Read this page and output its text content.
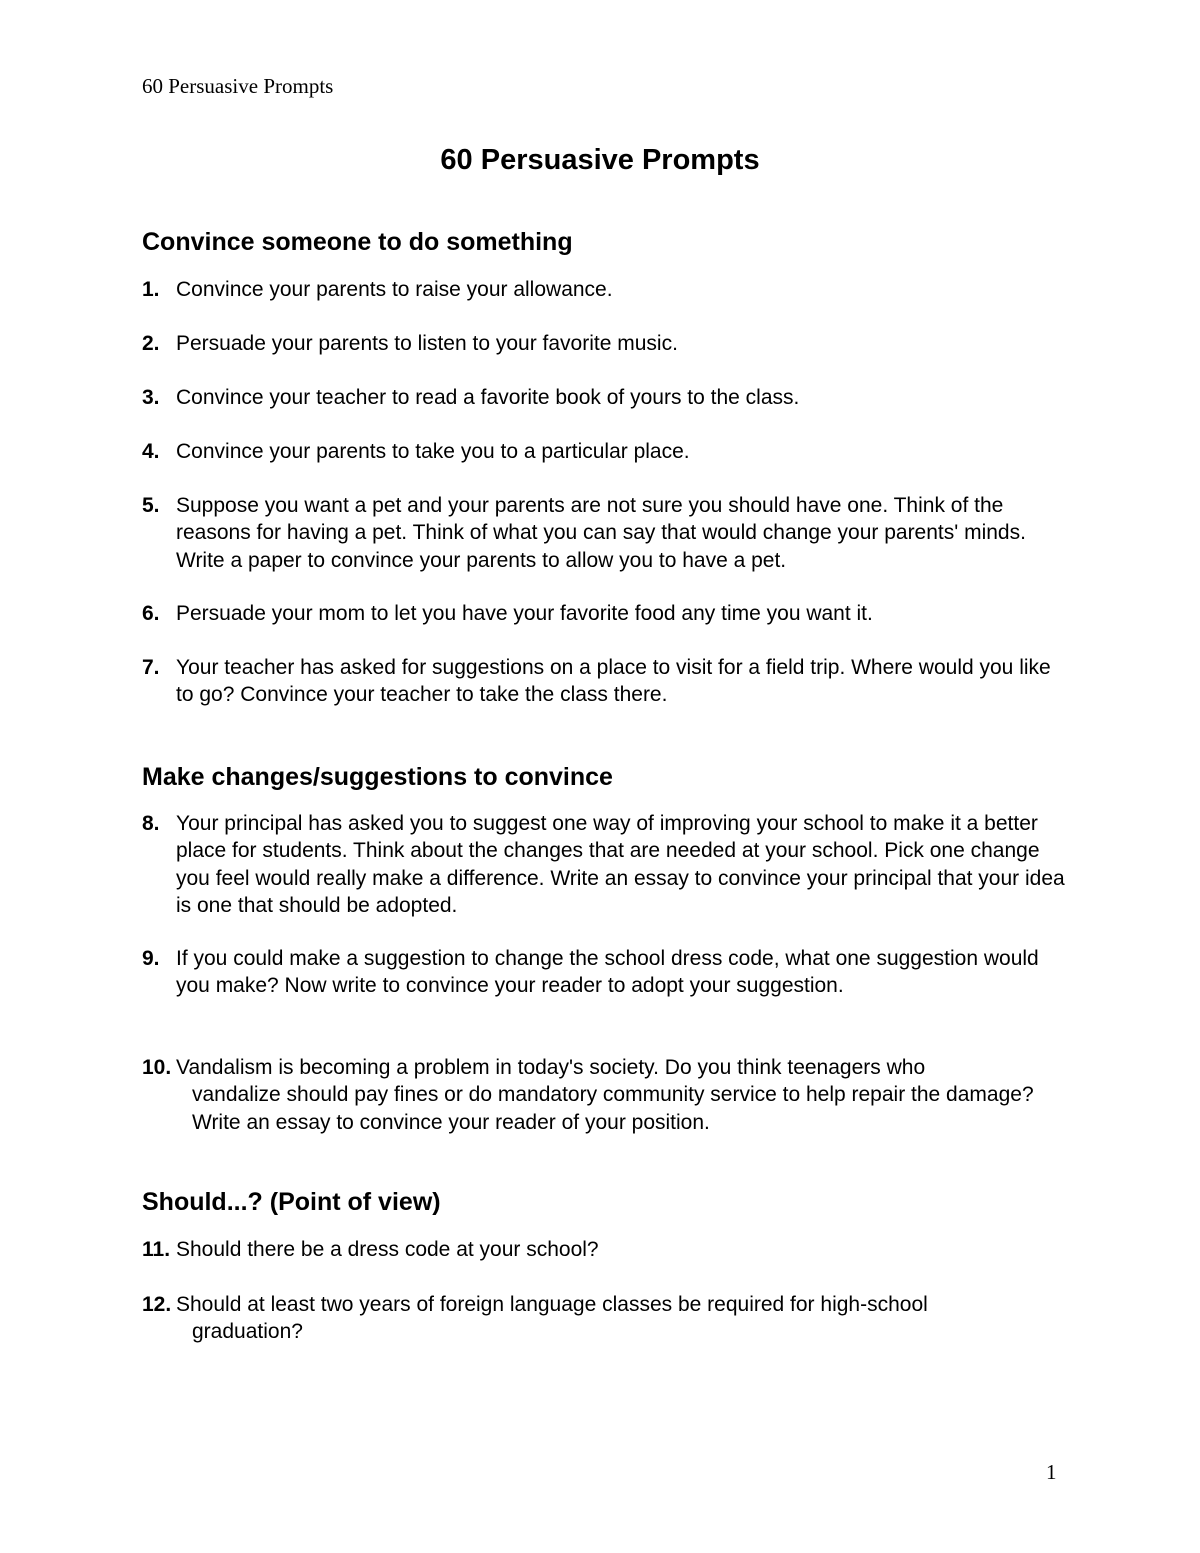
60 Persuasive Prompts
60 Persuasive Prompts
Convince someone to do something
1. Convince your parents to raise your allowance.
2. Persuade your parents to listen to your favorite music.
3. Convince your teacher to read a favorite book of yours to the class.
4. Convince your parents to take you to a particular place.
5. Suppose you want a pet and your parents are not sure you should have one. Think of the reasons for having a pet. Think of what you can say that would change your parents' minds. Write a paper to convince your parents to allow you to have a pet.
6. Persuade your mom to let you have your favorite food any time you want it.
7. Your teacher has asked for suggestions on a place to visit for a field trip. Where would you like to go? Convince your teacher to take the class there.
Make changes/suggestions to convince
8. Your principal has asked you to suggest one way of improving your school to make it a better place for students. Think about the changes that are needed at your school. Pick one change you feel would really make a difference. Write an essay to convince your principal that your idea is one that should be adopted.
9. If you could make a suggestion to change the school dress code, what one suggestion would you make? Now write to convince your reader to adopt your suggestion.
10. Vandalism is becoming a problem in today's society. Do you think teenagers who
vandalize should pay fines or do mandatory community service to help repair the damage? Write an essay to convince your reader of your position.
Should...? (Point of view)
11. Should there be a dress code at your school?
12. Should at least two years of foreign language classes be required for high-school
graduation?
1
